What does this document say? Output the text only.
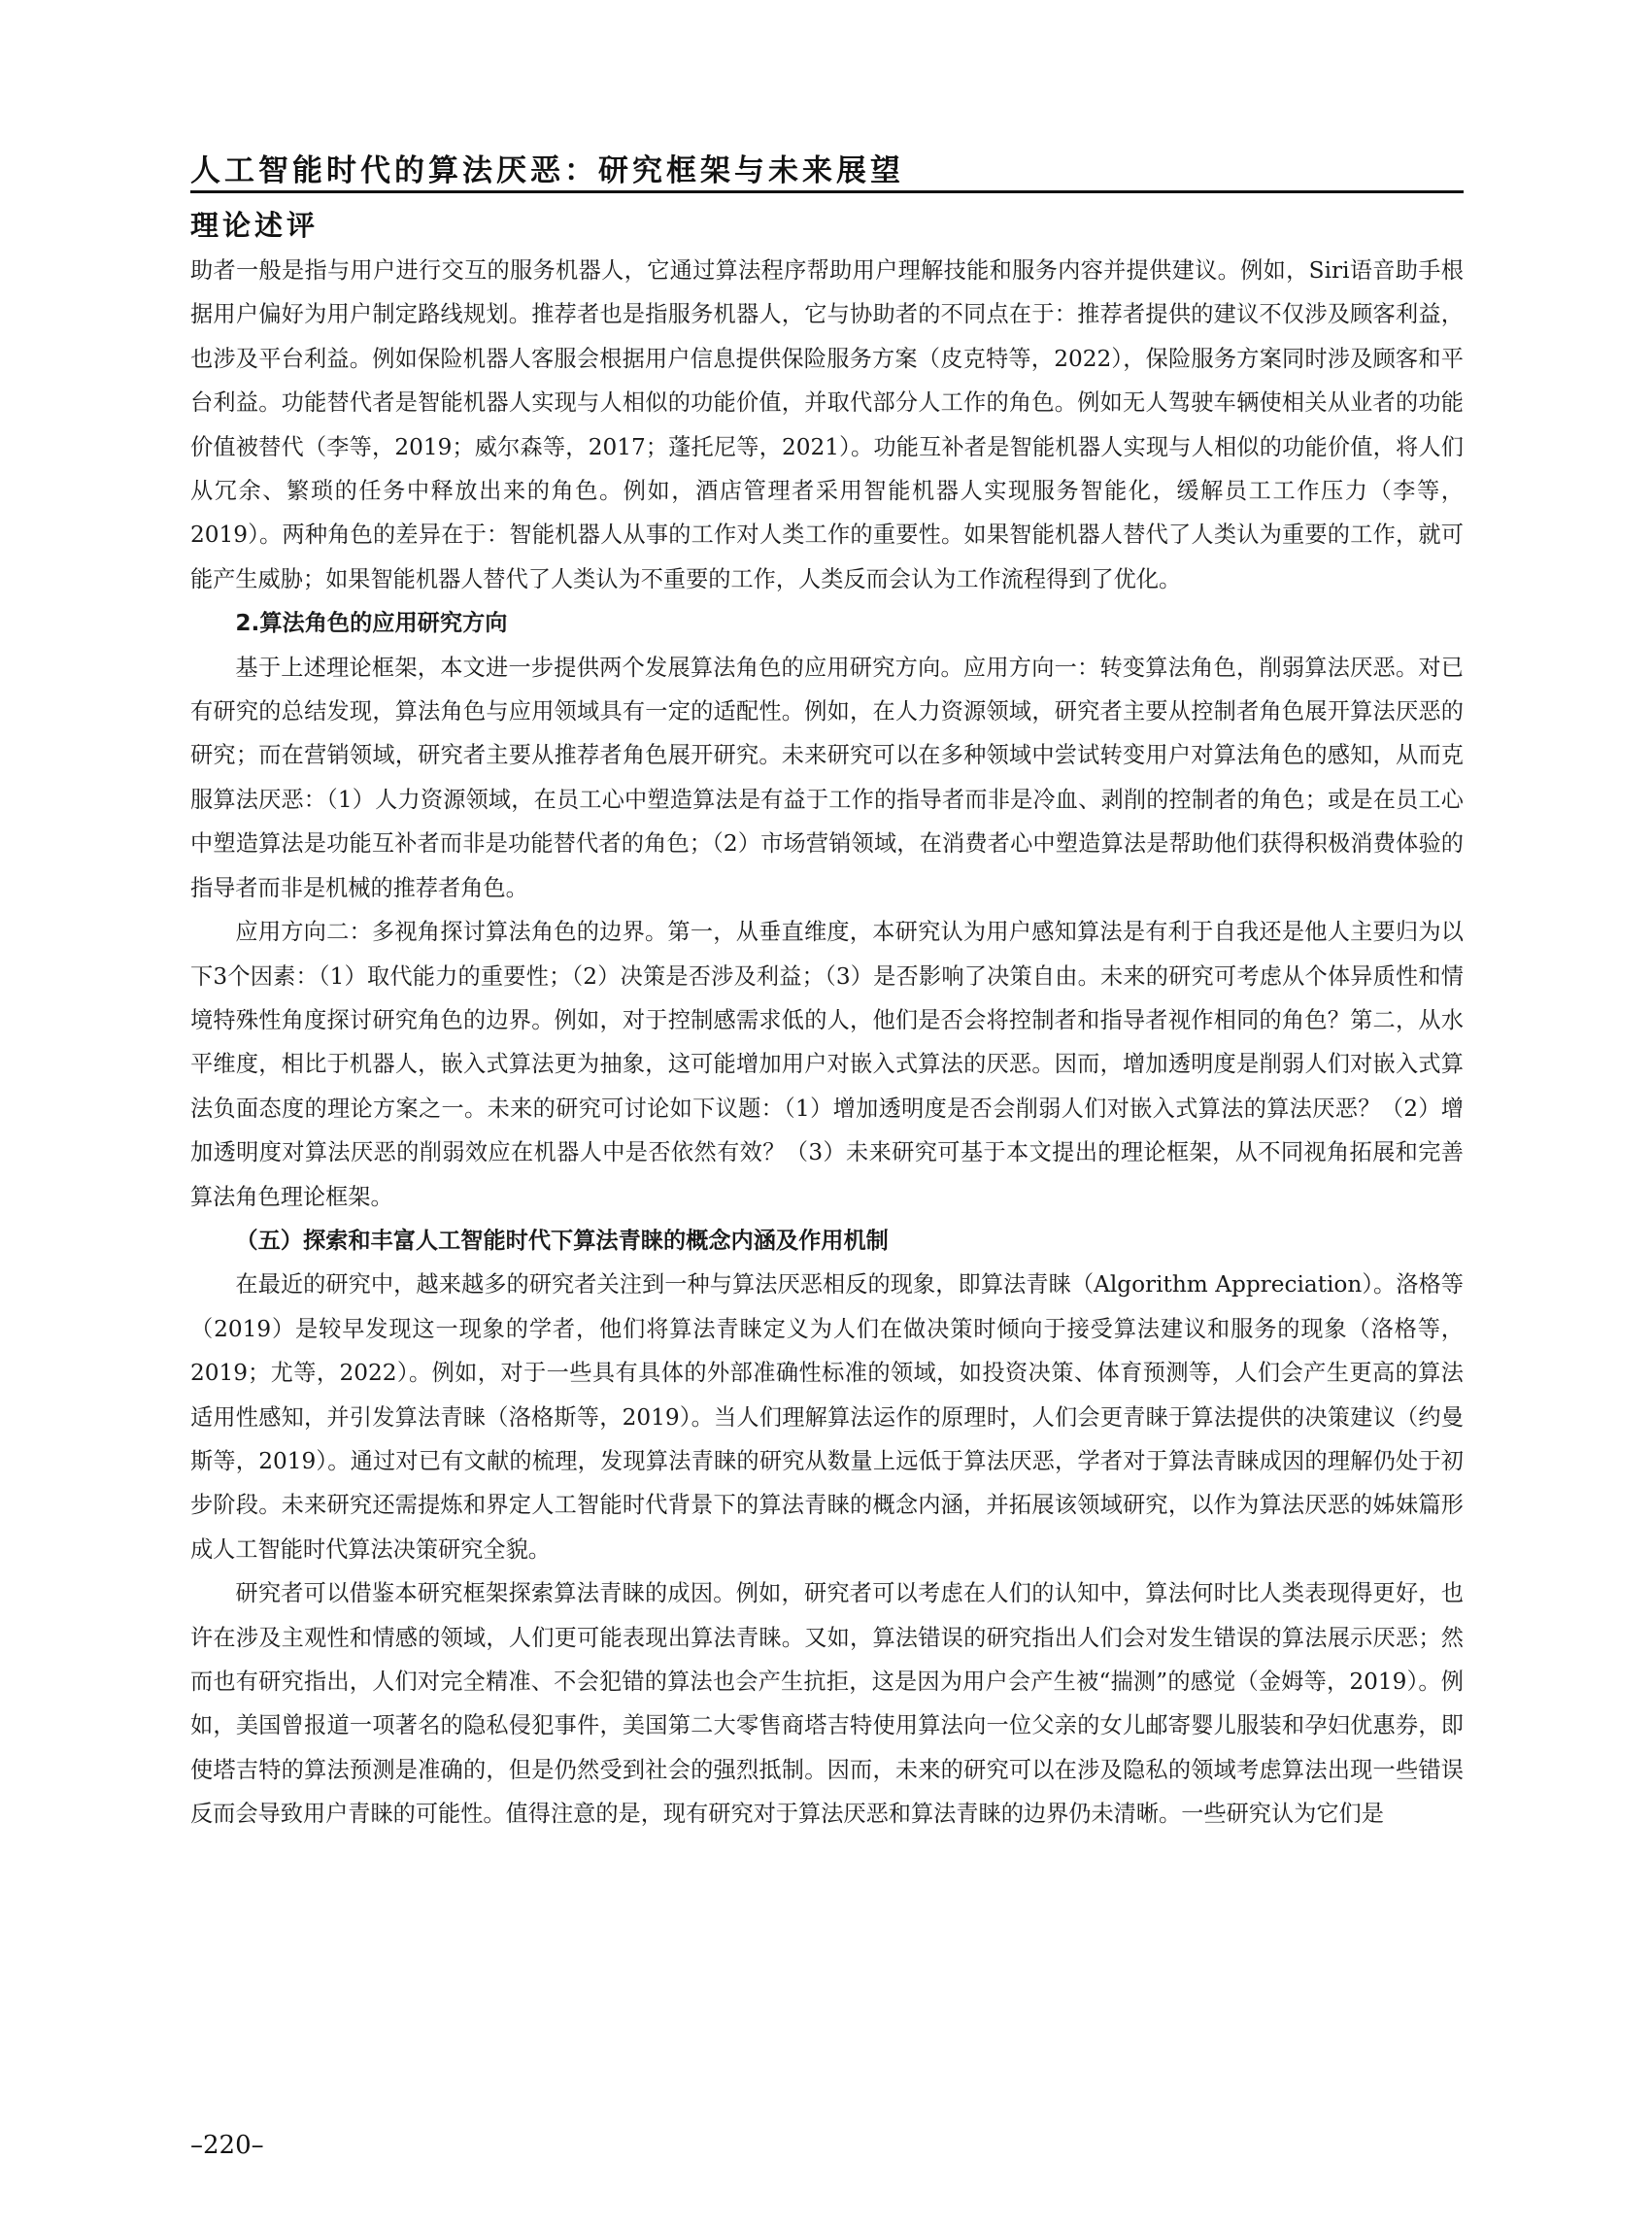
人工智能时代的算法厌恶：研究框架与未来展望
理论述评

助者一般是指与用户进行交互的服务机器人，它通过算法程序帮助用户理解技能和服务内容并提供建议。例如，Siri语音助手根据用户偏好为用户制定路线规划。推荐者也是指服务机器人，它与协助者的不同点在于：推荐者提供的建议不仅涉及顾客利益，也涉及平台利益。例如保险机器人客服会根据用户信息提供保险服务方案（皮克特等，2022），保险服务方案同时涉及顾客和平台利益。功能替代者是智能机器人实现与人相似的功能价值，并取代部分人工作的角色。例如无人驾驶车辆使相关从业者的功能价值被替代（李等，2019；威尔森等，2017；蓬托尼等，2021）。功能互补者是智能机器人实现与人相似的功能价值，将人们从冗余、繁琐的任务中释放出来的角色。例如，酒店管理者采用智能机器人实现服务智能化，缓解员工工作压力（李等，2019）。两种角色的差异在于：智能机器人从事的工作对人类工作的重要性。如果智能机器人替代了人类认为重要的工作，就可能产生威胁；如果智能机器人替代了人类认为不重要的工作，人类反而会认为工作流程得到了优化。

2.算法角色的应用研究方向

基于上述理论框架，本文进一步提供两个发展算法角色的应用研究方向。应用方向一：转变算法角色，削弱算法厌恶。对已有研究的总结发现，算法角色与应用领域具有一定的适配性。例如，在人力资源领域，研究者主要从控制者角色展开算法厌恶的研究；而在营销领域，研究者主要从推荐者角色展开研究。未来研究可以在多种领域中尝试转变用户对算法角色的感知，从而克服算法厌恶：（1）人力资源领域，在员工心中塑造算法是有益于工作的指导者而非是冷血、剥削的控制者的角色；或是在员工心中塑造算法是功能互补者而非是功能替代者的角色；（2）市场营销领域，在消费者心中塑造算法是帮助他们获得积极消费体验的指导者而非是机械的推荐者角色。

应用方向二：多视角探讨算法角色的边界。第一，从垂直维度，本研究认为用户感知算法是有利于自我还是他人主要归为以下3个因素：（1）取代能力的重要性；（2）决策是否涉及利益；（3）是否影响了决策自由。未来的研究可考虑从个体异质性和情境特殊性角度探讨研究角色的边界。例如，对于控制感需求低的人，他们是否会将控制者和指导者视作相同的角色？第二，从水平维度，相比于机器人，嵌入式算法更为抽象，这可能增加用户对嵌入式算法的厌恶。因而，增加透明度是削弱人们对嵌入式算法负面态度的理论方案之一。未来的研究可讨论如下议题：（1）增加透明度是否会削弱人们对嵌入式算法的算法厌恶？（2）增加透明度对算法厌恶的削弱效应在机器人中是否依然有效？（3）未来研究可基于本文提出的理论框架，从不同视角拓展和完善算法角色理论框架。

（五）探索和丰富人工智能时代下算法青睐的概念内涵及作用机制

在最近的研究中，越来越多的研究者关注到一种与算法厌恶相反的现象，即算法青睐（Algorithm Appreciation）。洛格等（2019）是较早发现这一现象的学者，他们将算法青睐定义为人们在做决策时倾向于接受算法建议和服务的现象（洛格等，2019；尤等，2022）。例如，对于一些具有具体的外部准确性标准的领域，如投资决策、体育预测等，人们会产生更高的算法适用性感知，并引发算法青睐（洛格斯等，2019）。当人们理解算法运作的原理时，人们会更青睐于算法提供的决策建议（约曼斯等，2019）。通过对已有文献的梳理，发现算法青睐的研究从数量上远低于算法厌恶，学者对于算法青睐成因的理解仍处于初步阶段。未来研究还需提炼和界定人工智能时代背景下的算法青睐的概念内涵，并拓展该领域研究，以作为算法厌恶的姊妹篇形成人工智能时代算法决策研究全貌。

研究者可以借鉴本研究框架探索算法青睐的成因。例如，研究者可以考虑在人们的认知中，算法何时比人类表现得更好，也许在涉及主观性和情感的领域，人们更可能表现出算法青睐。又如，算法错误的研究指出人们会对发生错误的算法展示厌恶；然而也有研究指出，人们对完全精准、不会犯错的算法也会产生抗拒，这是因为用户会产生被“揣测”的感觉（金姆等，2019）。例如，美国曾报道一项著名的隐私侵犯事件，美国第二大零售商塔吉特使用算法向一位父亲的女儿邮寄婴儿服装和孕妇优惠券，即使塔吉特的算法预测是准确的，但是仍然受到社会的强烈抵制。因而，未来的研究可以在涉及隐私的领域考虑算法出现一些错误反而会导致用户青睐的可能性。值得注意的是，现有研究对于算法厌恶和算法青睐的边界仍未清晰。一些研究认为它们是

–220–
